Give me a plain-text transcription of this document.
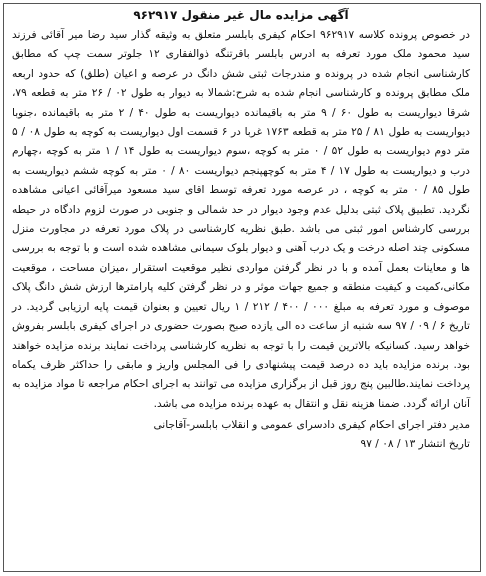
آگهی مزایده مال غیر منقول ۹۶۲۹۱۷

در خصوص پرونده کلاسه ۹۶۲۹۱۷ احکام کیفری بابلسر متعلق به وثیقه گذار سید رضا میر آقائی فرزند سید محمود ملک مورد تعرفه به ادرس بابلسر باقرتنگه ذوالفقاری ۱۲ جلوتر سمت چپ که مطابق کارشناسی انجام شده در پرونده و مندرجات ثبتی شش دانگ در عرصه و اعیان (طلق) که حدود اربعه ملک مطابق پرونده و کارشناسی انجام شده به شرح:شمالا به دیوار به طول ۰۲ / ۲۶ متر به قطعه ۷۹، شرقا دیواریست به طول ۶۰ / ۹ متر به باقیمانده دیواریست به طول ۴۰ / ۲ متر به باقیمانده ،جنوبا دیواریست به طول ۸۱ / ۲۵ متر به قطعه ۱۷۶۳ غربا در ۶ قسمت اول دیواریست به کوچه به طول ۰۸ / ۵ متر دوم دیواریست به طول ۵۲ / ۰ متر به کوچه ،سوم دیواریست به طول ۱۴ / ۱ متر به کوچه ،چهارم درب و دیواریست به طول ۱۷ / ۴ متر به کوچهپنجم دیواریست ۸۰ / ۰ متر به کوچه ششم دیواریست به طول ۸۵ / ۰ متر به کوچه ، در عرصه مورد تعرفه توسط اقای سید مسعود میرآقائی اعیانی مشاهده نگردید. تطبیق پلاک ثبتی بدلیل عدم وجود دیوار در حد شمالی و جنوبی در صورت لزوم دادگاه در حیطه بررسی کارشناس امور ثبتی می باشد .طبق نظریه کارشناسی در پلاک مورد تعرفه در مجاورت منزل مسکونی چند اصله درخت و یک درب آهنی و دیوار بلوک سیمانی مشاهده شده است و با توجه به بررسی ها و معاینات بعمل آمده و با در نظر گرفتن مواردی نظیر موقعیت استقرار ،میزان مساحت ، موقعیت مکانی،کمیت و کیفیت منطقه و جمیع جهات موثر و در نظر گرفتن کلیه پارامترها ارزش شش دانگ پلاک موصوف و مورد تعرفه به مبلغ ۰۰۰ / ۴۰۰ / ۲۱۲ / ۱ ریال تعیین و بعنوان قیمت پایه ارزیابی گردید. در تاریخ ۶ / ۰۹ / ۹۷ سه شنبه از ساعت ده الی یازده صبح بصورت حضوری در اجرای کیفری بابلسر بفروش خواهد رسید. کسانیکه بالاترین قیمت را با توجه به نظریه کارشناسی پرداخت نمایند برنده مزایده خواهند بود. برنده مزایده باید ده درصد قیمت پیشنهادی را فی المجلس واریز و مابقی را حداکثر ظرف یکماه پرداخت نمایند.طالبین پنج روز قبل از برگزاری مزایده می توانند به اجرای احکام مراجعه تا مواد مزایده به آنان ارائه گردد. ضمنا هزینه نقل و انتقال به عهده برنده مزایده می باشد.

مدیر دفتر اجرای احکام کیفری دادسرای عمومی و انقلاب بابلسر-آقاجانی
تاریخ انتشار ۱۳ / ۰۸ / ۹۷
